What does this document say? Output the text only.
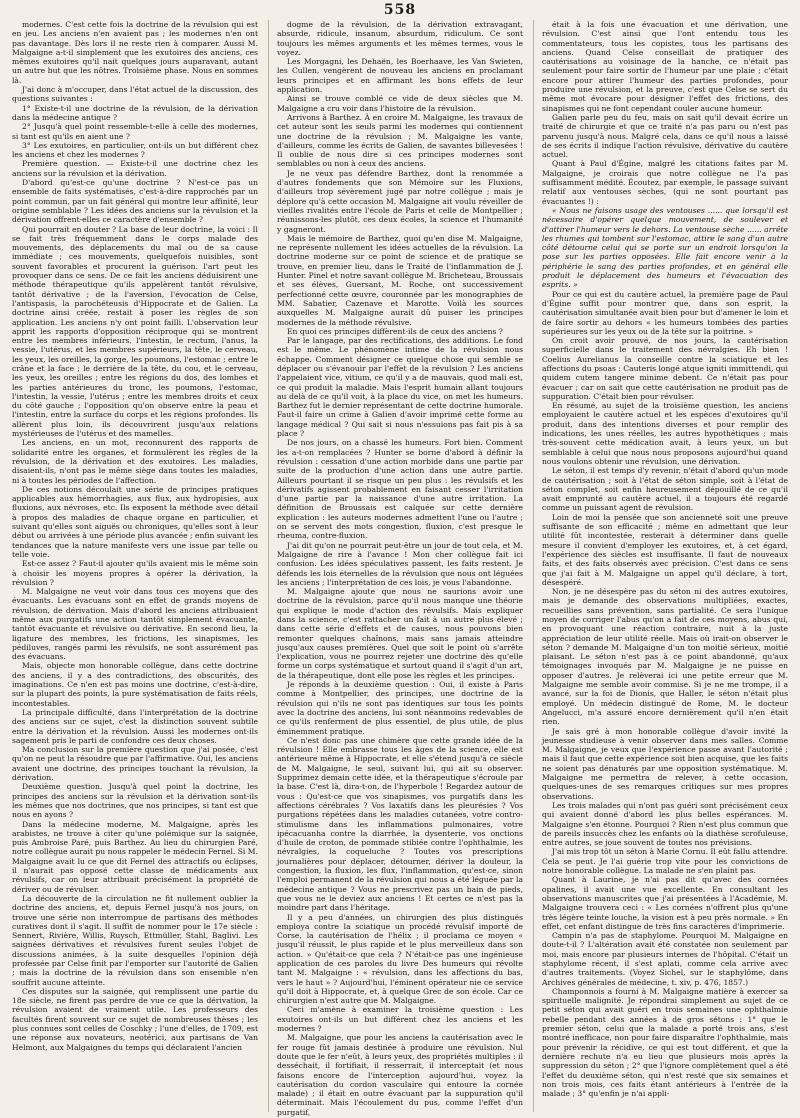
558

modernes. C'est cette fois la doctrine de la révulsion qui est en jeu. Les anciens n'en avaient pas ; les modernes n'en ont pas davantage. Dès lors il ne reste rien à comparer. Aussi M. Malgaigne a-t-il simplement que les exutoires des anciens, ces mêmes exutoires qu'il nait quelques jours auparavant, autant un autre but que les nôtres. Troisième phase. Nous en sommes là.

J'ai donc à m'occuper, dans l'état actuel de la discussion, des questions suivantes :

1° Existe-t-il une doctrine de la révulsion, de la dérivation dans la médecine antique ?

2° Jusqu'à quel point ressemble-t-elle à celle des modernes, si tant est qu'ils en aient une ?

3° Les exutoires, en particulier, ont-ils un but différent chez les anciens et chez les modernes ?

Première question. — Existe-t-il une doctrine chez les anciens sur la révulsion et la dérivation.

D'abord qu'est-ce qu'une doctrine ? N'est-ce pas un ensemble de faits systématisés, c'est-à-dire rapprochés par un point commun, par un fait général qui montre leur affinité, leur origine semblable ? Les idées des anciens sur la révulsion et la dérivation offrent-elles ce caractère d'ensemble ?

Qui pourrait en douter ? La base de leur doctrine, la voici : Il se fait très fréquemment dans le corps malade des mouvements, des déplacements du mal ou de sa cause immédiate ; ces mouvements, quelquefois nuisibles, sont souvent favorables et procurent la guérison. l'art peut les provoquer dans ce sens. De ce fait les anciens déduisirent une méthode thérapeutique qu'ils appelèrent tantôt révulsive, tantôt dérivative ; de la l'aversion, l'évocation de Celse, l'antispasis, la parochéteusis d'Hippocrate et de Galien. La doctrine ainsi créée, restait à poser les règles de son application. Les anciens n'y ont point failli. L'observation leur apprit les rapports d'opposition réciproque qui se montrent entre les membres inférieurs, l'intestin, le rectum, l'anus, la vessie, l'utérus, et les membres supérieurs, la tête, le cerveau, les yeux, les oreilles, la gorge, les poumons, l'estomac ; entre le crâne et la face ; le derrière de la tête, du cou, et le cerveau, les yeux, les oreilles ; entre les régions du dos, des lombes et les parties antérieures du tronc, les poumons, l'estomac, l'intestin, la vessie, l'utérus ; entre les membres droits et ceux du côté gauche ; l'opposition qu'on observe entre la peau et l'intestin, entre la surface du corps et les régions profondes. Ils allèrent plus loin, ils découvrirent jusqu'aux relations mystérieuses de l'utérus et des mamelles.

Les anciens, en un mot, reconnurent des rapports de solidarité entre les organes, et formulèrent les règles de la révulsion, de la dérivation et des exutoires. Les maladies, disaient-ils, n'ont pas le même siège dans toutes les maladies, ni à toutes les périodes de l'affection.

De ces notions découlait une série de principes pratiques applicables aux hémorrhagies, aux flux, aux hydropisies, aux fluxions, aux névroses, etc. Ils exposent la méthode avec détail à propos des maladies de chaque organe en particulier, et suivant qu'elles sont aiguës ou chroniques, qu'elles sont à leur début ou arrivées à une période plus avancée ; enfin suivant les tendances que la nature manifeste vers une issue par telle ou telle voie.

Est-ce assez ? Faut-il ajouter qu'ils avaient mis le même soin à choisir les moyens propres à opérer la dérivation, la révulsion ?

M. Malgaigne ne veut voir dans tous ces moyens que des évacuants. Les évacuans sont en effet de grands moyens de révulsion, de dérivation. Mais d'abord les anciens attribuaient même aux purgatifs une action tantôt simplement évacuante, tantôt évacuante et révulsive ou dérivative. En second lieu, la ligature des membres, les frictions, les sinapismes, les pédiluves, rangés parmi les révulsifs, ne sont assurément pas des évacuans.

Mais, objecte mon honorable collègue, dans cette doctrine des anciens, il y a des contradictions, des obscurités, des imaginations. Ce n'en est pas moins une doctrine, c'est-à-dire, sur la plupart des points, la pure systématisation de faits réels, incontestables.

La principale difficulté, dans l'interprétation de la doctrine des anciens sur ce sujet, c'est la distinction souvent subtile entre la dérivation et la révulsion. Aussi les modernes ont-ils sagement pris le parti de confondre ces deux choses.

Ma conclusion sur la première question que j'ai posée, c'est qu'on ne peut la résoudre que par l'affirmative. Oui, les anciens avaient une doctrine, des principes touchant la révulsion, la dérivation.

Deuxième question. Jusqu'à quel point la doctrine, les principes des anciens sur la révulsion et la dérivation sont-ils les mêmes que nos doctrines, que nos principes, si tant est que nous en ayons ?

Dans la médecine moderne, M. Malgaigne, après les arabistes, ne trouve à citer qu'une polémique sur la saignée, puis Ambroise Paré, puis Barthez. Au lieu du chirurgien Paré, notre collègue aurait pu nous rappeler le médecin Fernel. Si M. Malgaigne avait lu ce que dit Fernel des attractifs ou éclipses, il n'aurait pas opposé cette classe de médicaments aux révulsifs, car on leur attribuait précisément la propriété de dériver ou de révulser.

La découverte de la circulation ne fit nullement oublier la doctrine des anciens, et, depuis Fernel jusqu'à nos jours, on trouve une série non interrompue de partisans des méthodes curatives dont il s'agit. Il suffit de nommer pour le 17e siècle : Sennert, Rivière, Willis, Ruysch, Ettmüller, Stahl, Baglivi. Les saignées dérivatives et révulsives furent seules l'objet de discussions animées, à la suite desquelles l'opinion déjà professée par Celse finit par l'emporter sur l'autorité de Galien ; mais la doctrine de la révulsion dans son ensemble n'en souffrit aucune atteinte.

Ces disputes sur la saignée, qui remplissent une partie du 18e siècle, ne firent pas perdre de vue ce que la dérivation, la révulsion avaient de vraiment utile. Les professeurs des facultés firent souvent sur ce sujet de nombreuses thèses ; les plus connues sont celles de Coschky ; l'une d'elles, de 1709, est une réponse aux novateurs, neotérici, aux partisans de Van Helmont, aux Malgaignes du temps qui déclaraient l'ancien

dogme de la révulsion, de la dérivation extravagant, absurde, ridicule, insanum, absurdum, ridiculum. Ce sont toujours les mêmes arguments et les mêmes termes, vous le voyez.

Les Morgagni, les Dehaën, les Boerhaave, les Van Swieten, les Cullen, vengèrent de nouveau les anciens en proclamant leurs principes et en affirmant les bons effets de leur application.

Ainsi se trouve comblé ce vide de deux siècles que M. Malgaigne a cru voir dans l'histoire de la révulsion.

Arrivons à Barthez. À en croire M. Malgaigne, les travaux de cet auteur sont les seuls parmi les modernes qui contiennent une doctrine de la révulsion ; M. Malgaigne les vante, d'ailleurs, comme les écrits de Galien, de savantes billevesées ! Il oublie de nous dire si ces principes modernes sont semblables ou non à ceux des anciens.

Je ne veux pas défendre Barthez, dont la renommée a d'autres fondements que son Mémoire sur les Fluxions, d'ailleurs trop sévèrement jugé par notre collègue ; mais je déplore qu'à cette occasion M. Malgaigne ait voulu réveiller de vieilles rivalités entre l'école de Paris et celle de Montpellier ; réunissons-les plutôt, ces deux écoles, la science et l'humanité y gagneront.

Mais le mémoire de Barthez, quoi qu'en dise M. Malgaigne, ne représente nullement les idées actuelles de la révulsion. La doctrine moderne sur ce point de science et de pratique se trouve, en premier lieu, dans le Traité de l'inflammation de J. Hunter. Pinel et notre savant collègue M. Bricheteau, Broussais et ses élèves, Guersant, M. Roche, ont successivement perfectionné cette œuvre, couronnée par les monographies de MM. Sabatier, Cazenave et Marotte. Voilà les sources auxquelles M. Malgaigne aurait dû puiser les principes modernes de la méthode révulsive.

En quoi ces principes diffèrent-ils de ceux des anciens ?

Par le langage, par des rectifications, des additions. Le fond est le même. Le phénomène intime de la révulsion nous échappe. Comment désigner ce quelque chose qui semble se déplacer ou s'évanouir par l'effet de la révulsion ? Les anciens l'appelaient vice, vitium, ce qu'il y a de mauvais, quod mali est, ce qui produit la maladie. Mais l'esprit humain allant toujours au delà de ce qu'il voit, à la place du vice, on met les humeurs. Barthez fut le dernier représentant de cette doctrine humorale. Faut-il faire un crime à Galien d'avoir imprimé cette forme au langage médical ? Qui sait si nous n'essuions pas fait pis à sa place ?

De nos jours, on a chassé les humeurs. Fort bien. Comment les a-t-on remplacées ? Hunter se borne d'abord à définir la révulsion : cessation d'une action morbide dans une partie par suite de la production d'une action dans une autre partie. Ailleurs pourtant il se risque un peu plus : les révulsifs et les dérivatifs agissent probablement en faisant cesser l'irritation d'une partie par la naissance d'une autre irritation. La définition de Broussais est calquée sur cette dernière explication : les auteurs modernes admettent l'une ou l'autre ; on se servent des mots congestion, fluxion, c'est presque le rheuma, contre-fluxion.

J'ai dit qu'on ne pourrait peut-être un jour de tout cela, et M. Malgaigne de rire à l'avance ! Mon cher collègue fait ici confusion. Les idées spéculatives passent, les faits restent. Je défends les lois éternelles de la révulsion que nous ont léguées les anciens ; l'interprétation de ces lois, je vous l'abandonne.

M. Malgaigne ajoute que nous ne saurions avoir une doctrine de la révulsion, parce qu'il nous manque une théorie qui explique le mode d'action des révulsifs. Mais expliquer dans la science, c'est rattacher un fait à un autre plus élevé ; dans cette série d'effets et de causes, nous pouvons bien remonter quelques chaînons, mais sans jamais atteindre jusqu'aux causes premières. Quel que soit le point où s'arrête l'explication, vous ne pourrez rejeter une doctrine dès qu'elle forme un corps systématique et surtout quand il s'agit d'un art, de la thérapeutique, dont elle pose les règles et les principes.

Je réponds à la deuxième question : Oui, il existe à Paris comme à Montpellier, des principes, une doctrine de la révulsion qui n'ils ne sont pas identiques sur tous les points avec la doctrine des anciens, lui sont néanmoins redevables de ce qu'ils renferment de plus essentiel, de plus utile, de plus éminemment pratique.

Ce n'est donc pas une chimère que cette grande idée de la révulsion ! Elle embrasse tous les âges de la science, elle est antérieure même à Hippocrate, et elle s'étend jusqu'à ce siècle de M. Malgaigne, le seul, suivant lui, qui ait su observer. Supprimez demain cette idée, et la thérapeutique s'écroule par la base. C'est là, dira-t-on, de l'hyperbole ! Regardez autour de vous : Qu'est-ce que vos sinapismes, vos purgatifs dans les affections cérébrales ? Vos laxatifs dans les pleurésies ? Vos purgations répétées dans les maladies cutanées, votre contro-stimulisme dans les inflammations pulmonaires, votre ipécacuanha contre la diarrhée, la dysenterie, vos onctions d'huile de croton, de pommade stibiée contre l'ophthalmie, les névralgies, la coqueluche ? Toutes vos prescriptions journalières pour déplacer, détourner, dériver la douleur, la congestion, la fluxion, les flux, l'inflammation, qu'est-ce, sinon l'emploi permanent de la révulsion qui nous a été léguée par la médecine antique ? Vous ne prescrivez pas un bain de pieds, que vous ne le deviez aux anciens ! Et certes ce n'est pas la moindre part dans l'héritage.

Il y a peu d'années, un chirurgien des plus distingués employa contre la sciatique un procédé révulsif importé de Corse, la cautérisation de l'hélix ; il proclama ce moyen « jusqu'il réussit, le plus rapide et le plus merveilleux dans son action. » Qu'était-ce que cela ? N'était-ce pas une ingénieuse application de ces paroles du livre Des humeurs qui révolte tant M. Malgaigne : « révulsion, dans les affections du bas, vers le haut » ? Aujourd'hui, l'éminent opérateur nie ce service qu'il doit à Hippocrate, et, à quelque Grec de son école. Car ce chirurgien n'est autre que M. Malgaigne.

Ceci m'amène à examiner la troisième question : Les exutoires ont-ils un but différent chez les anciens et les modernes ?

M. Malgaigne, que pour les anciens la cautérisation avec le fer rouge fût jamais destinée à produire une révulsion. Nul doute que le fer n'eût, à leurs yeux, des propriétés multiples : il desséchait, il fortifiait, il resserrait, il interceptait (et nous faisons encore de l'interception aujourd'hui, voyez la cautérisation du cordon vasculaire qui entoure la cornée malade) ; il était en outre évacuant par la suppuration qu'il déterminait. Mais l'écoulement du pus, comme l'effet d'un purgatif,

était à la fois une évacuation et une dérivation, une révulsion. C'est ainsi que l'ont entendu tous les commentateurs, tous les copistes, tous les partisans des anciens. Quand Celse conseillait de pratiquer des cautérisations au voisinage de la hanche, ce n'était pas seulement pour faire sortir de l'humeur par une plaie ; c'était encore pour attirer l'humeur des parties profondes, pour produire une révulsion, et la preuve, c'est que Celse se sert du même mot évocare pour désigner l'effet des frictions, des sinapismes qui ne font cependant couler aucune humeur.

Galien parle peu du feu, mais on sait qu'il devait écrire un traité de chirurgie et que ce traité n'a pas paru ou n'est pas parvenu jusqu'à nous. Malgré cela, dans ce qu'il nous a laissé de ses écrits il indique l'action révulsive, dérivative du cautère actuel.

Quant à Paul d'Égine, malgré les citations faites par M. Malgaigne, je croirais que notre collègue ne l'a pas suffisamment médité. Écoutez, par exemple, le passage suivant relatif aux ventouses sèches, (qui ne sont pourtant pas évacuantes !) :

« Nous ne faisons usage des ventouses ...... que lorsqu'il est nécessaire d'opérer quelque mouvement, de soulever et d'attirer l'humeur vers le dehors. La ventouse sèche ...... arrête les rhumes qui tombent sur l'estomac, attire le sang d'un autre côté détourne celui qui se porte sur un endroit lorsqu'on la pose sur les parties opposées. Elle fait encore venir à la périphérie le sang des parties profondes, et en général elle produit le déplacement des humeurs et l'évacuation des esprits. »

Pour ce qui est du cautère actuel, la première page de Paul d'Égine suffit pour montrer que, dans son esprit, la cautérisation simultanée avait bien pour but d'amener le loin et de faire sortir au dehors « les humeurs tombées des parties supérieures sur les yeux ou de la tête sur la poitrine. »

On croit avoir prouvé, de nos jours, la cautérisation superficielle dans le traitement des névralgies. Eh bien ! Coelius Aurelianus la conseille contre la sciatique et les affections du psoas : Cauteris longé atque igniti immittendi, qui quidem cutem tangere minime debent. Ce n'était pas pour évacuer ; car on sait que cette cautérisation ne produit pas de suppuration. C'était bien pour révulser.

En résumé, au sujet de la troisième question, les anciens employaient le cautère actuel et les espèces d'exutoires qu'il produit, dans des intentions diverses et pour remplir des indications, les unes réelles, les autres hypothétiques ; mais très-souvent cette médication avait, à leurs yeux, un but semblable à celui que nous nous proposons aujourd'hui quand nous voulons obtenir une révulsion, une dérivation.

Le séton, il est temps d'y revenir, n'était d'abord qu'un mode de cautérisation ; soit à l'état de séton simple, soit à l'état de séton complet, soit enfin heureusement dépouillé de ce qu'il avait emprunté au cautère actuel, il a toujours été regardé comme un puissant agent de révulsion.

Loin de moi la pensée que son ancienneté soit une preuve suffisante de son efficacité ; même en admettant que leur utilité fût incontestée, resterait à déterminer dans quelle mesure il convient d'employer les exutoires, et, à cet égard, l'expérience des siècles est insuffisante. Il faut de nouveaux faits, et des faits observés avec précision. C'est dans ce sens que j'ai fait à M. Malgaigne un appel qu'il déclare, à tort, désespéré.

Non, je ne désespère pas du séton ni des autres exutoires, mais je demande des observations multipliées, exactes, recueillies sans prévention, sans partialité. Ce sera l'unique moyen de corriger l'abus qu'on a fait de ces moyens, abus qui, en provoquant une réaction contraire, nuit à la juste appréciation de leur utilité réelle. Mais où irait-on observer le séton ? demande M. Malgaigne d'un ton moitié sérieux, moitié plaisant. Le séton n'est pas à ce point abandonné, qu'aux témoignages invoqués par M. Malgaigne je ne puisse en opposer d'autres. Je relèverai ici une petite erreur que M. Malgaigne me semble avoir commise. Si je ne me trompe, il a avancé, sur la foi de Dionis, que Haller, le séton n'était plus employé. Un médecin distingué de Rome, M. le docteur Angelucci, m'a assuré encore dernièrement qu'il n'en était rien.

Je sais gré à mon honorable collègue d'avoir invité la jeunesse studieuse à venir observer dans mes salles. Comme M. Malgaigne, je veux que l'expérience passe avant l'autorité ; mais il faut que cette expérience soit bien acquise, que les faits ne soient pas dénaturés par une opposition systématique. M. Malgaigne me permettra de relever, à cette occasion, quelques-unes de ses remarques critiques sur mes propres observations.

Les trois malades qui n'ont pas guéri sont précisément ceux qui avaient donné d'abord les plus belles espérances. M. Malgaigne s'en étonne. Pourquoi ? Rien n'est plus commun que de pareils insuccès chez les enfants où la diathèse scrofuleuse, entre autres, se joue souvent de toutes nos prévisions.

J'ai mis trop tôt un séton à Marie Cornu. Il eût fallu attendre. Cela se peut. Je l'ai guérie trop vite pour les convictions de notre honorable collègue. La malade ne s'en plaint pas.

Quant à Laurine, je n'ai pas dit qu'avec des cornées opalines, il avait une vue excellente. En consultant les observations manuscrites que j'ai présentées à l'Académie, M. Malgaigne trouvera ceci : « Les cornées n'offrent plus qu'une très légère teinte louche, la vision est à peu près normale. » En effet, cet enfant distingue de très fins caractères d'imprimerie.

Campin n'a pas de staphylome. Pourquoi M. Malgaigne en doute-t-il ? L'altération avait été constatée non seulement par moi, mais encore par plusieurs internes de l'hôpital. C'était un staphylome récent, il s'est aplati, comme cela arrive avec d'autres traitements. (Voyez Sichel, sur le staphylôme, dans Archives générales de médecine, t. xiv, p. 476, 1857.)

Champonnois a fourni à M. Malgaigne matière à exercer sa spirituelle malignité. Je répondrai simplement au sujet de ce petit séton qui avait guéri en trois semaines une ophthalmie rebelle pendant des années à de gros sétons : 1° que le premier séton, celui que la malade a porté trois ans, s'est montré inefficace, non pour faire disparaître l'ophthalmie, mais pour prévenir la récidive, ce qui est tout différent, et que la dernière rechute n'a eu lieu que plusieurs mois après la suppression du séton ; 2° que l'ignore complètement quel a été l'effet du deuxième séton, qui n'est resté que six semaines et non trois mois, ces faits étant antérieurs à l'entrée de la malade ; 3° qu'enfin je n'ai appli-
